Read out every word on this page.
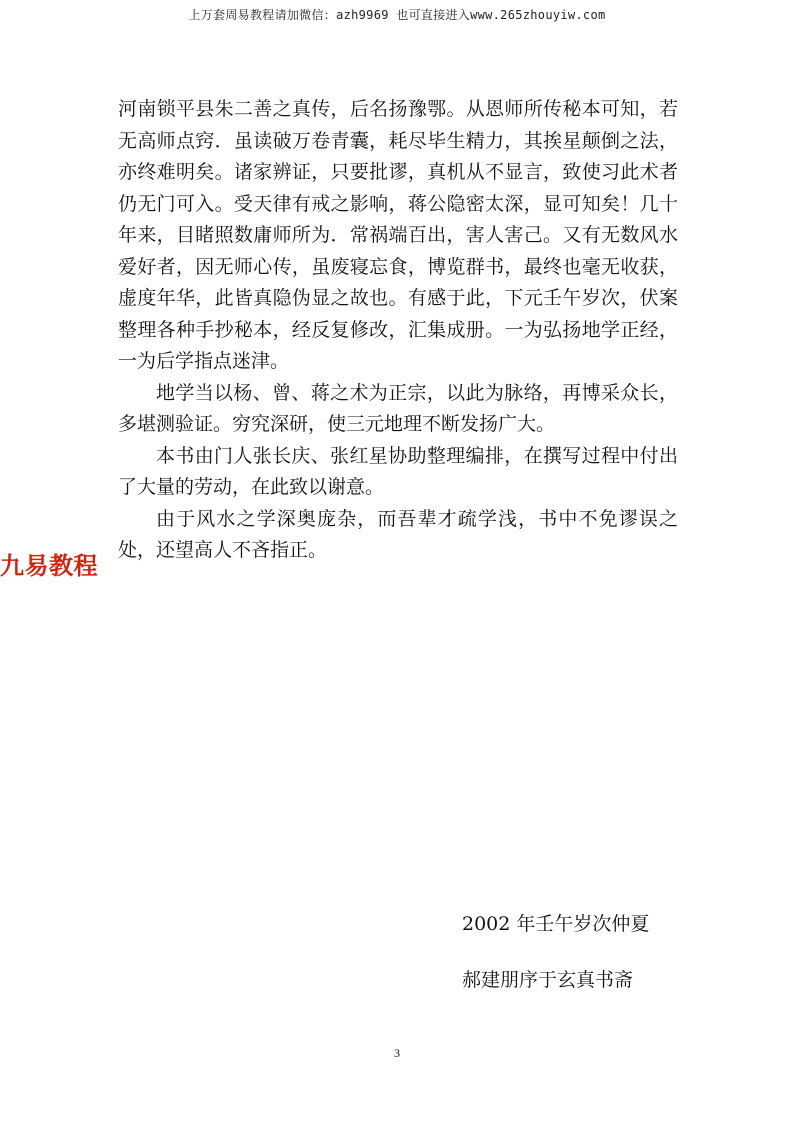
上万套周易教程请加微信：azh9969 也可直接进入www.265zhouyiw.com

河南锁平县朱二善之真传，后名扬豫鄂。从恩师所传秘本可知，若无高师点窍．虽读破万卷青囊，耗尽毕生精力，其挨星颠倒之法，亦终难明矣。诸家辨证，只要批谬，真机从不显言，致使习此术者仍无门可入。受天律有戒之影响，蒋公隐密太深，显可知矣！几十年来，目睹照数庸师所为．常祸端百出，害人害己。又有无数风水爱好者，因无师心传，虽废寝忘食，博览群书，最终也毫无收获，虚度年华，此皆真隐伪显之故也。有感于此，下元壬午岁次，伏案整理各种手抄秘本，经反复修改，汇集成册。一为弘扬地学正经，一为后学指点迷津。

地学当以杨、曾、蒋之术为正宗，以此为脉络，再博采众长，多堪测验证。穷究深研，使三元地理不断发扬广大。

本书由门人张长庆、张红星协助整理编排，在撰写过程中付出了大量的劳动，在此致以谢意。

由于风水之学深奥庞杂，而吾辈才疏学浅，书中不免谬误之处，还望高人不吝指正。

九易教程
2002 年壬午岁次仲夏
郝建朋序于玄真书斋
3
